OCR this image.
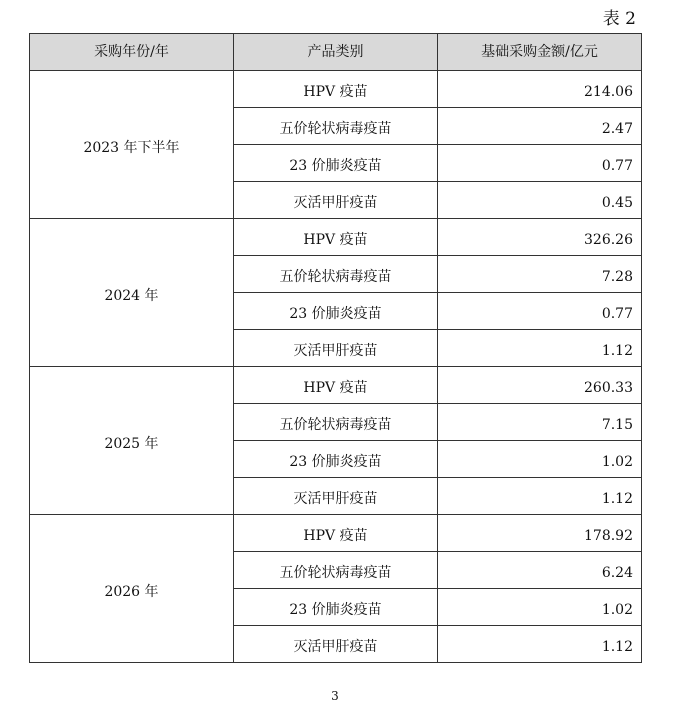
表 2
采购年份/年	产品类别	基础采购金额/亿元
2023 年下半年	HPV 疫苗	214.06
	五价轮状病毒疫苗	2.47
	23 价肺炎疫苗	0.77
	灭活甲肝疫苗	0.45
2024 年	HPV 疫苗	326.26
	五价轮状病毒疫苗	7.28
	23 价肺炎疫苗	0.77
	灭活甲肝疫苗	1.12
2025 年	HPV 疫苗	260.33
	五价轮状病毒疫苗	7.15
	23 价肺炎疫苗	1.02
	灭活甲肝疫苗	1.12
2026 年	HPV 疫苗	178.92
	五价轮状病毒疫苗	6.24
	23 价肺炎疫苗	1.02
	灭活甲肝疫苗	1.12
3
